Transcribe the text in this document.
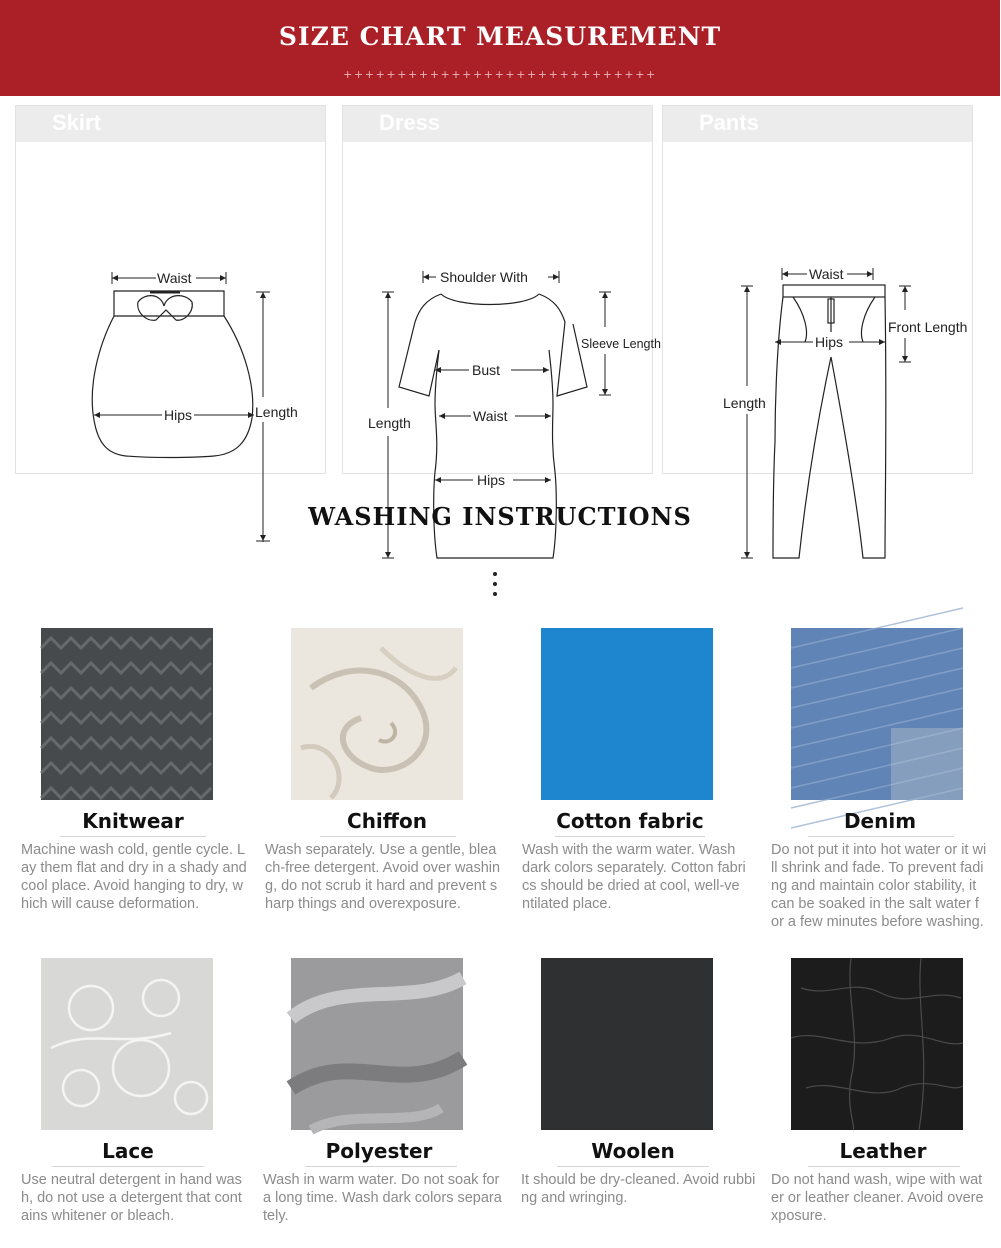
SIZE CHART MEASUREMENT
+++++++++++++++++++++++++++++
Skirt
Waist
Hips	Length
Dress
Shoulder With
Sleeve Length
Bust
Length	Waist
Hips
Pants
Waist
Front Length
Hips
Length
WASHING INSTRUCTIONS
Knitwear
Machine wash cold, gentle cycle. Lay them flat and dry in a shady and cool place. Avoid hanging to dry, which will cause deformation.
Chiffon
Wash separately. Use a gentle, bleach-free detergent. Avoid over washing, do not scrub it hard and prevent sharp things and overexposure.
Cotton fabric
Wash with the warm water. Wash dark colors separately. Cotton fabrics should be dried at cool, well-ventilated place.
Denim
Do not put it into hot water or it will shrink and fade. To prevent fading and maintain color stability, it can be soaked in the salt water for a few minutes before washing.
Lace
Use neutral detergent in hand wash, do not use a detergent that contains whitener or bleach.
Polyester
Wash in warm water. Do not soak for a long time. Wash dark colors separately.
Woolen
It should be dry-cleaned. Avoid rubbing and wringing.
Leather
Do not hand wash, wipe with water or leather cleaner. Avoid overexposure.
